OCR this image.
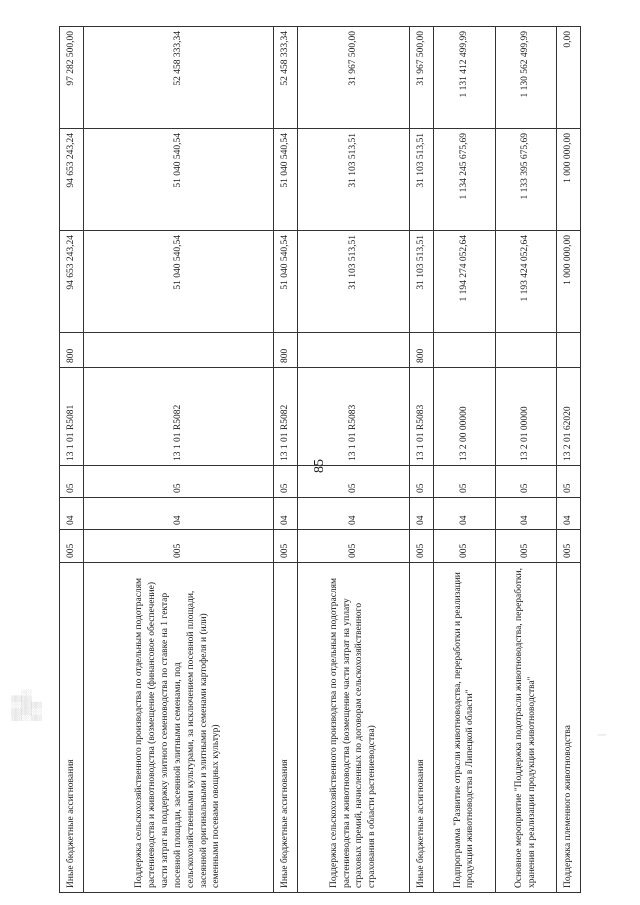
85
▒▒░▒
░▒▒▒░
▒░▒
|
Иные бюджетные ассигнования	005	04	05	13 1 01 R5081	800	94 653 243,24	94 653 243,24	97 282 500,00
Поддержка сельскохозяйственного производства по отдельным подотраслям растениеводства и животноводства (возмещение (финансовое обеспечение) части затрат на поддержку элитного семеноводства по ставке на 1 гектар посевной площади, засеянной элитными семенами, под сельскохозяйственными культурами, за исключением посевной площади, засеянной оригинальными и элитными семенами картофеля и (или) семенными посевами овощных культур)	005	04	05	13 1 01 R5082		51 040 540,54	51 040 540,54	52 458 333,34
Иные бюджетные ассигнования	005	04	05	13 1 01 R5082	800	51 040 540,54	51 040 540,54	52 458 333,34
Поддержка сельскохозяйственного производства по отдельным подотраслям растениеводства и животноводства (возмещение части затрат на уплату страховых премий, начисленных по договорам сельскохозяйственного страхования в области растениеводства)	005	04	05	13 1 01 R5083		31 103 513,51	31 103 513,51	31 967 500,00
Иные бюджетные ассигнования	005	04	05	13 1 01 R5083	800	31 103 513,51	31 103 513,51	31 967 500,00
Подпрограмма "Развитие отрасли животноводства, переработки и реализации продукции животноводства в Липецкой области"	005	04	05	13 2 00 00000		1 194 274 052,64	1 134 245 675,69	1 131 412 499,99
Основное мероприятие "Поддержка подотрасли животноводства, переработки, хранения и реализации продукции животноводства"	005	04	05	13 2 01 00000		1 193 424 052,64	1 133 395 675,69	1 130 562 499,99
Поддержка племенного животноводства	005	04	05	13 2 01 62020		1 000 000,00	1 000 000,00	0,00
